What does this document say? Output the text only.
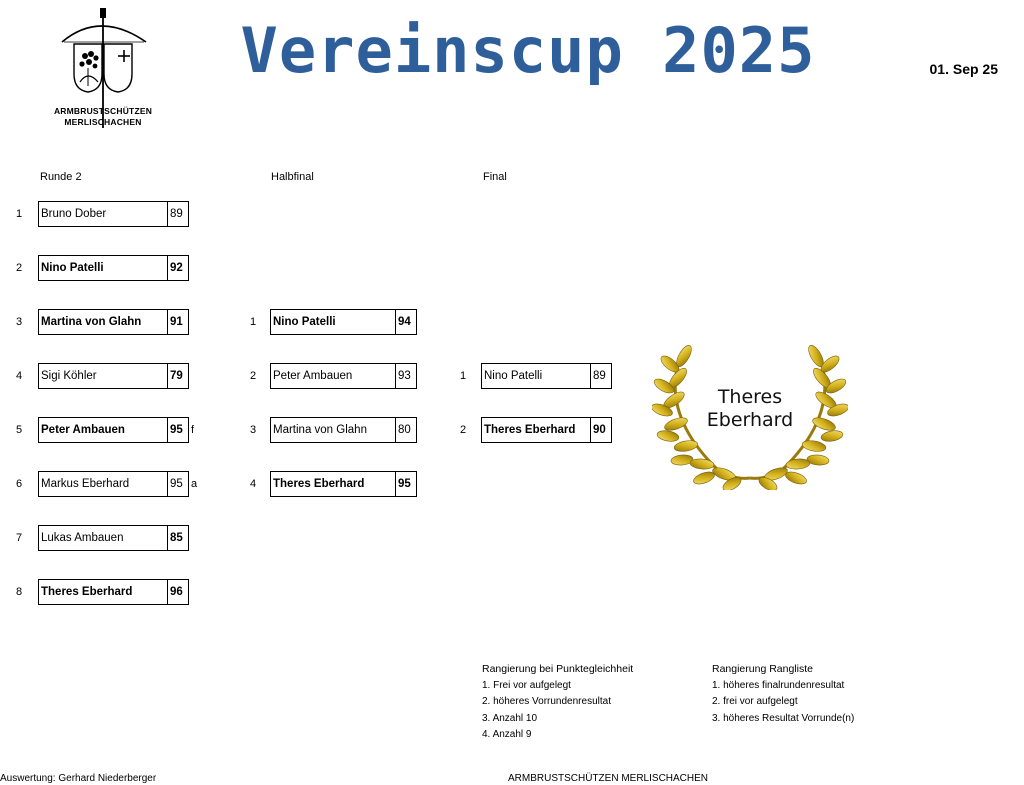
ARMBRUSTSCHÜTZEN
MERLISCHACHEN
Vereinscup 2025	01. Sep 25
Runde 2	Halbfinal	Final
1	Bruno Dober	89
2	Nino Patelli	92
3	Martina von Glahn	91
4	Sigi Köhler	79
5	Peter Ambauen	95 f
6	Markus Eberhard	95 a
7	Lukas Ambauen	85
8	Theres Eberhard	96
1	Nino Patelli	94
2	Peter Ambauen	93
3	Martina von Glahn	80
4	Theres Eberhard	95
1	Nino Patelli	89
2	Theres Eberhard	90
Theres
Eberhard
Rangierung bei Punktegleichheit
1. Frei vor aufgelegt
2. höheres Vorrundenresultat
3. Anzahl 10
4. Anzahl 9
Rangierung Rangliste
1. höheres finalrundenresultat
2. frei vor aufgelegt
3. höheres Resultat Vorrunde(n)
Auswertung: Gerhard Niederberger	ARMBRUSTSCHÜTZEN MERLISCHACHEN
